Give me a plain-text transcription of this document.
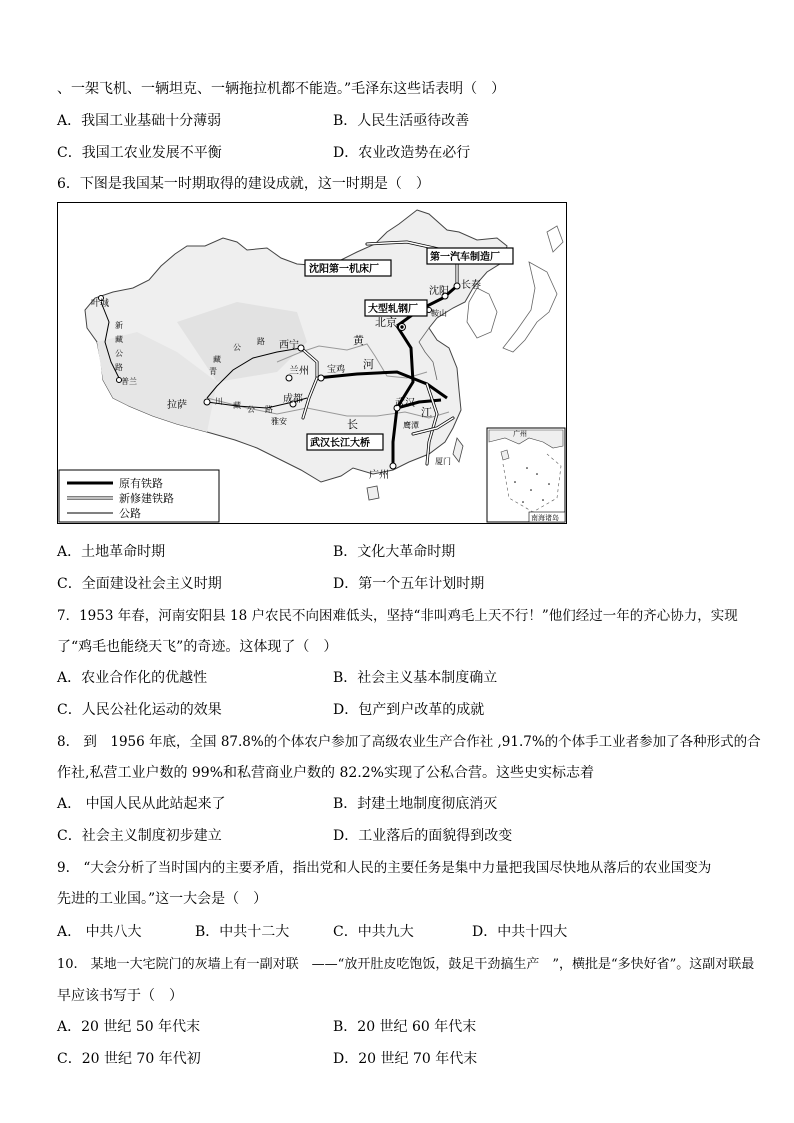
、一架飞机、一辆坦克、一辆拖拉机都不能造。”毛泽东这些话表明（　）
A．我国工业基础十分薄弱	B．人民生活亟待改善
C．我国工农业发展不平衡	D．农业改造势在必行
6．下图是我国某一时期取得的建设成就，这一时期是（　）
北京
沈阳
长春
鞍山
西宁
兰州 宝鸡
成都
雅安
拉萨	武汉
鹰潭
厦门
广州
叶城
普兰
新
藏
公
路	青
藏
公
路
川 藏 公 路
黄
河
长
江
沈阳第一机床厂
第一汽车制造厂
大型轧钢厂
武汉长江大桥
原有铁路
新修建铁路
公路
广州
南海诸岛
A．土地革命时期	B．文化大革命时期
C．全面建设社会主义时期	D．第一个五年计划时期
7．1953 年春，河南安阳县 18 户农民不向困难低头，坚持“非叫鸡毛上天不行！”他们经过一年的齐心协力，实现
了“鸡毛也能绕天飞”的奇迹。这体现了（　）
A．农业合作化的优越性	B．社会主义基本制度确立
C．人民公社化运动的效果	D．包产到户改革的成就
8.　到　1956 年底，全国 87.8%的个体农户参加了高级农业生产合作社 ,91.7%的个体手工业者参加了各种形式的合
作社,私营工业户数的 99%和私营商业户数的 82.2%实现了公私合营。这些史实标志着
A.　中国人民从此站起来了	B．封建土地制度彻底消灭
C．社会主义制度初步建立	D．工业落后的面貌得到改变
9.　“大会分析了当时国内的主要矛盾，指出党和人民的主要任务是集中力量把我国尽快地从落后的农业国变为
先进的工业国。”这一大会是（　）
A.　中共八大	B．中共十二大	C．中共九大	D．中共十四大
10.　某地一大宅院门的灰墙上有一副对联　——“放开肚皮吃饱饭，鼓足干劲搞生产　”，横批是“多快好省”。这副对联最
早应该书写于（　）
A．20 世纪 50 年代末	B．20 世纪 60 年代末
C．20 世纪 70 年代初	D．20 世纪 70 年代末
